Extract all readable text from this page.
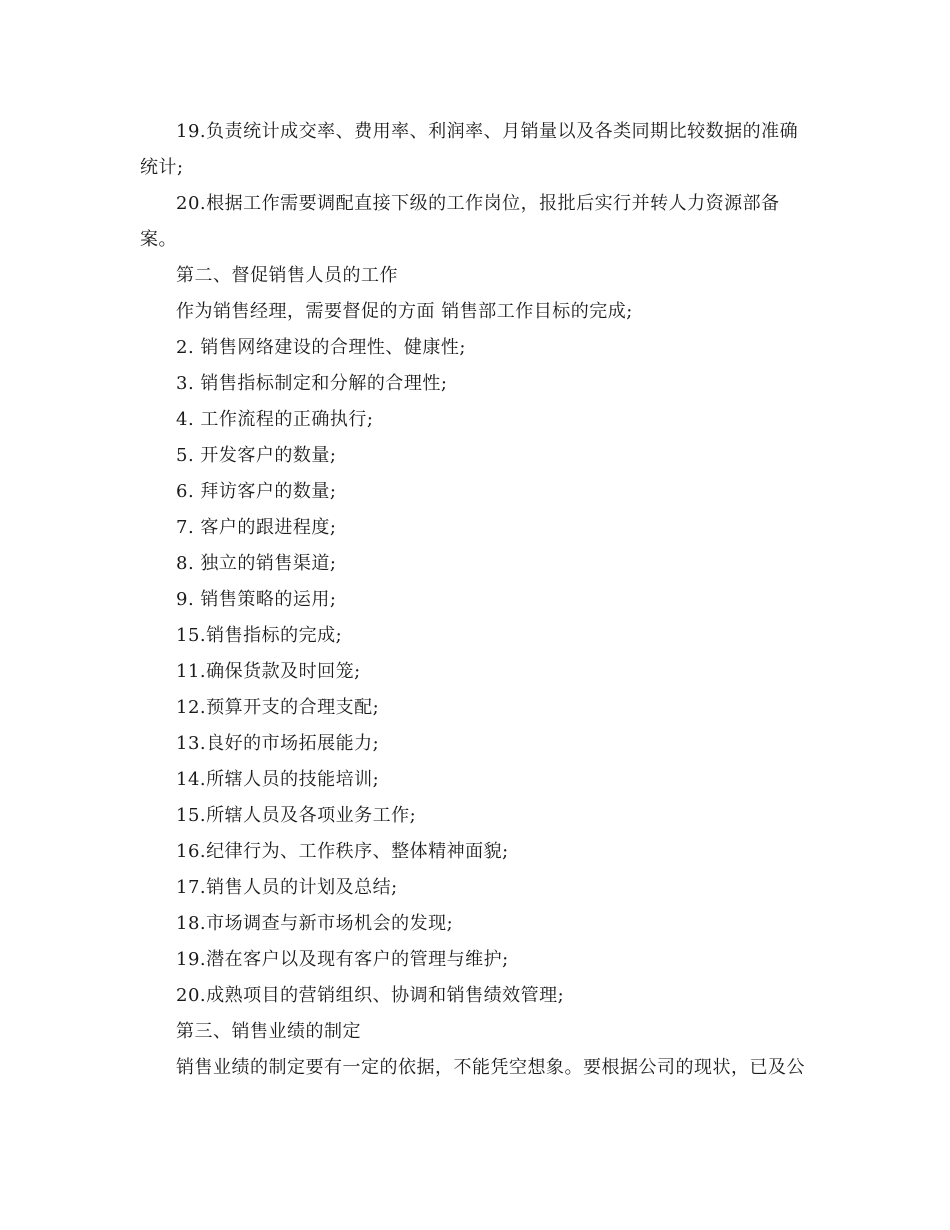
19.负责统计成交率、费用率、利润率、月销量以及各类同期比较数据的准确
统计;
20.根据工作需要调配直接下级的工作岗位，报批后实行并转人力资源部备
案。
第二、督促销售人员的工作
作为销售经理，需要督促的方面 销售部工作目标的完成;
2. 销售网络建设的合理性、健康性;
3. 销售指标制定和分解的合理性;
4. 工作流程的正确执行;
5. 开发客户的数量;
6. 拜访客户的数量;
7. 客户的跟进程度;
8. 独立的销售渠道;
9. 销售策略的运用;
15.销售指标的完成;
11.确保货款及时回笼;
12.预算开支的合理支配;
13.良好的市场拓展能力;
14.所辖人员的技能培训;
15.所辖人员及各项业务工作;
16.纪律行为、工作秩序、整体精神面貌;
17.销售人员的计划及总结;
18.市场调查与新市场机会的发现;
19.潜在客户以及现有客户的管理与维护;
20.成熟项目的营销组织、协调和销售绩效管理;
第三、销售业绩的制定
销售业绩的制定要有一定的依据，不能凭空想象。要根据公司的现状，已及公
